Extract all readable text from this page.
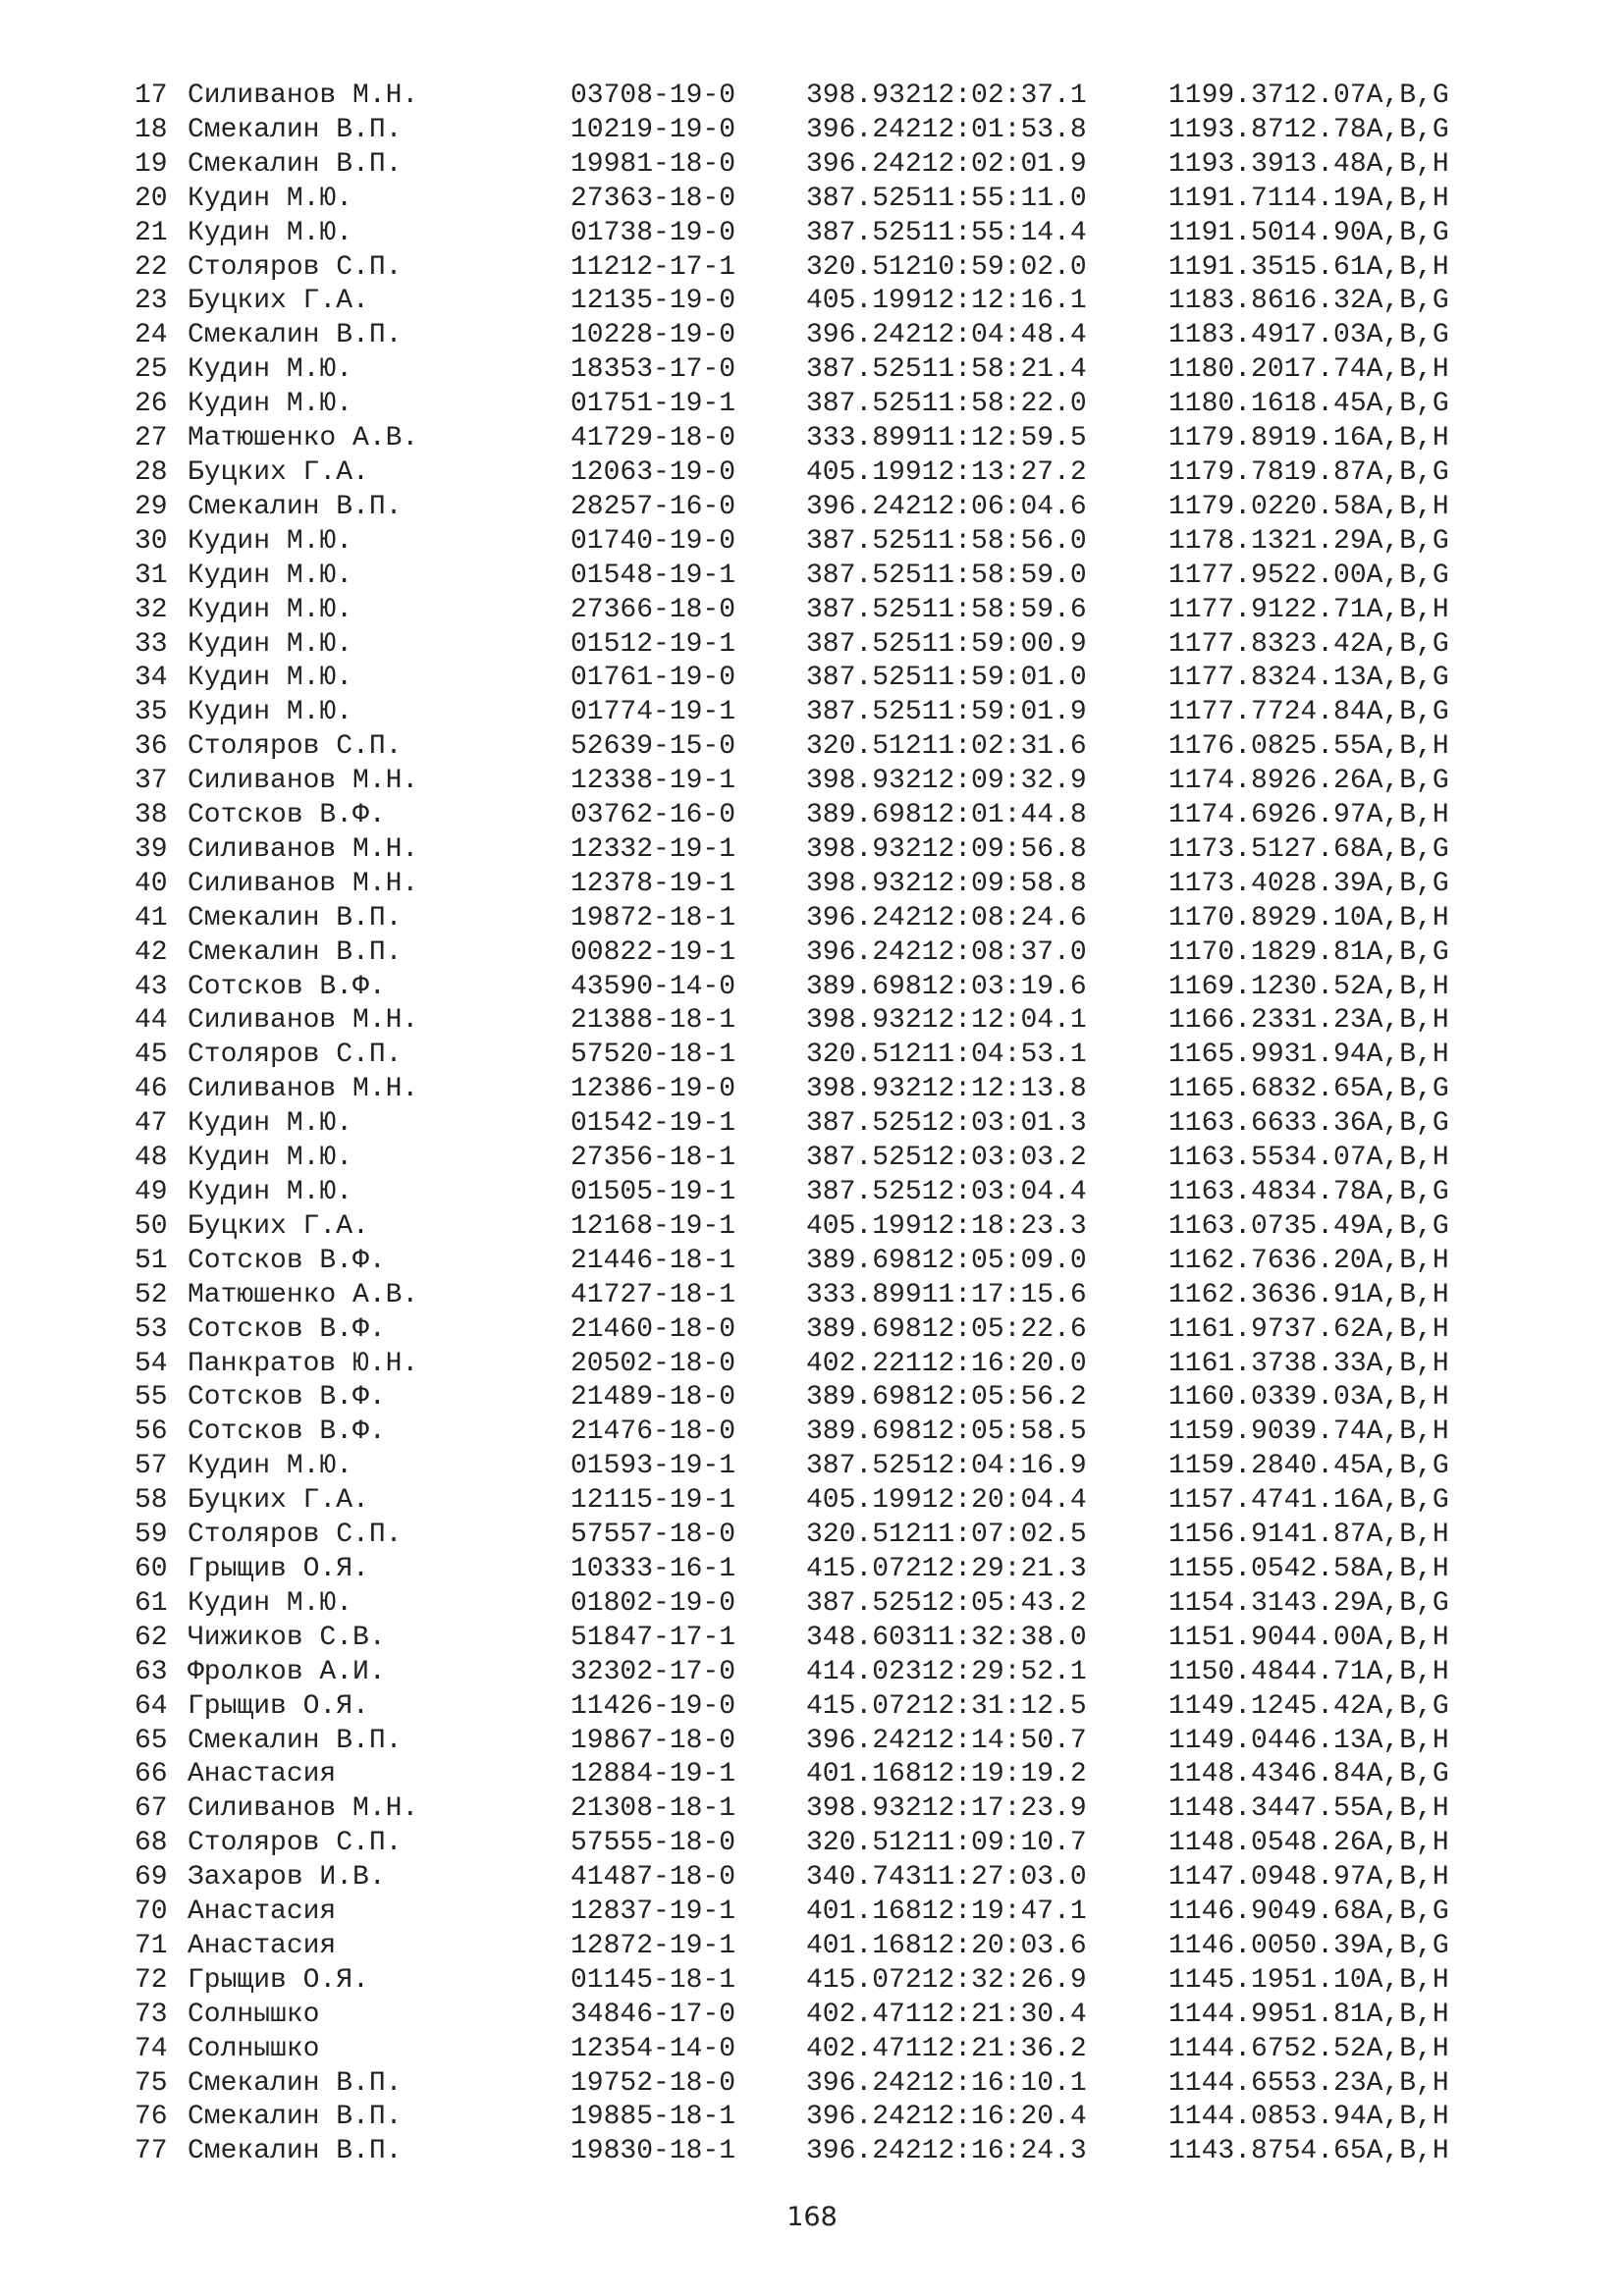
17	Силиванов М.Н.	03708-19-0	398.932	12:02:37.1	1199.37	12.07	A,B,G
18	Смекалин В.П.	10219-19-0	396.242	12:01:53.8	1193.87	12.78	A,B,G
19	Смекалин В.П.	19981-18-0	396.242	12:02:01.9	1193.39	13.48	A,B,H
20	Кудин М.Ю.	27363-18-0	387.525	11:55:11.0	1191.71	14.19	A,B,H
21	Кудин М.Ю.	01738-19-0	387.525	11:55:14.4	1191.50	14.90	A,B,G
22	Столяров С.П.	11212-17-1	320.512	10:59:02.0	1191.35	15.61	A,B,H
23	Буцких Г.А.	12135-19-0	405.199	12:12:16.1	1183.86	16.32	A,B,G
24	Смекалин В.П.	10228-19-0	396.242	12:04:48.4	1183.49	17.03	A,B,G
25	Кудин М.Ю.	18353-17-0	387.525	11:58:21.4	1180.20	17.74	A,B,H
26	Кудин М.Ю.	01751-19-1	387.525	11:58:22.0	1180.16	18.45	A,B,G
27	Матюшенко А.В.	41729-18-0	333.899	11:12:59.5	1179.89	19.16	A,B,H
28	Буцких Г.А.	12063-19-0	405.199	12:13:27.2	1179.78	19.87	A,B,G
29	Смекалин В.П.	28257-16-0	396.242	12:06:04.6	1179.02	20.58	A,B,H
30	Кудин М.Ю.	01740-19-0	387.525	11:58:56.0	1178.13	21.29	A,B,G
31	Кудин М.Ю.	01548-19-1	387.525	11:58:59.0	1177.95	22.00	A,B,G
32	Кудин М.Ю.	27366-18-0	387.525	11:58:59.6	1177.91	22.71	A,B,H
33	Кудин М.Ю.	01512-19-1	387.525	11:59:00.9	1177.83	23.42	A,B,G
34	Кудин М.Ю.	01761-19-0	387.525	11:59:01.0	1177.83	24.13	A,B,G
35	Кудин М.Ю.	01774-19-1	387.525	11:59:01.9	1177.77	24.84	A,B,G
36	Столяров С.П.	52639-15-0	320.512	11:02:31.6	1176.08	25.55	A,B,H
37	Силиванов М.Н.	12338-19-1	398.932	12:09:32.9	1174.89	26.26	A,B,G
38	Сотсков В.Ф.	03762-16-0	389.698	12:01:44.8	1174.69	26.97	A,B,H
39	Силиванов М.Н.	12332-19-1	398.932	12:09:56.8	1173.51	27.68	A,B,G
40	Силиванов М.Н.	12378-19-1	398.932	12:09:58.8	1173.40	28.39	A,B,G
41	Смекалин В.П.	19872-18-1	396.242	12:08:24.6	1170.89	29.10	A,B,H
42	Смекалин В.П.	00822-19-1	396.242	12:08:37.0	1170.18	29.81	A,B,G
43	Сотсков В.Ф.	43590-14-0	389.698	12:03:19.6	1169.12	30.52	A,B,H
44	Силиванов М.Н.	21388-18-1	398.932	12:12:04.1	1166.23	31.23	A,B,H
45	Столяров С.П.	57520-18-1	320.512	11:04:53.1	1165.99	31.94	A,B,H
46	Силиванов М.Н.	12386-19-0	398.932	12:12:13.8	1165.68	32.65	A,B,G
47	Кудин М.Ю.	01542-19-1	387.525	12:03:01.3	1163.66	33.36	A,B,G
48	Кудин М.Ю.	27356-18-1	387.525	12:03:03.2	1163.55	34.07	A,B,H
49	Кудин М.Ю.	01505-19-1	387.525	12:03:04.4	1163.48	34.78	A,B,G
50	Буцких Г.А.	12168-19-1	405.199	12:18:23.3	1163.07	35.49	A,B,G
51	Сотсков В.Ф.	21446-18-1	389.698	12:05:09.0	1162.76	36.20	A,B,H
52	Матюшенко А.В.	41727-18-1	333.899	11:17:15.6	1162.36	36.91	A,B,H
53	Сотсков В.Ф.	21460-18-0	389.698	12:05:22.6	1161.97	37.62	A,B,H
54	Панкратов Ю.Н.	20502-18-0	402.221	12:16:20.0	1161.37	38.33	A,B,H
55	Сотсков В.Ф.	21489-18-0	389.698	12:05:56.2	1160.03	39.03	A,B,H
56	Сотсков В.Ф.	21476-18-0	389.698	12:05:58.5	1159.90	39.74	A,B,H
57	Кудин М.Ю.	01593-19-1	387.525	12:04:16.9	1159.28	40.45	A,B,G
58	Буцких Г.А.	12115-19-1	405.199	12:20:04.4	1157.47	41.16	A,B,G
59	Столяров С.П.	57557-18-0	320.512	11:07:02.5	1156.91	41.87	A,B,H
60	Грыщив О.Я.	10333-16-1	415.072	12:29:21.3	1155.05	42.58	A,B,H
61	Кудин М.Ю.	01802-19-0	387.525	12:05:43.2	1154.31	43.29	A,B,G
62	Чижиков С.В.	51847-17-1	348.603	11:32:38.0	1151.90	44.00	A,B,H
63	Фролков А.И.	32302-17-0	414.023	12:29:52.1	1150.48	44.71	A,B,H
64	Грыщив О.Я.	11426-19-0	415.072	12:31:12.5	1149.12	45.42	A,B,G
65	Смекалин В.П.	19867-18-0	396.242	12:14:50.7	1149.04	46.13	A,B,H
66	Анастасия	12884-19-1	401.168	12:19:19.2	1148.43	46.84	A,B,G
67	Силиванов М.Н.	21308-18-1	398.932	12:17:23.9	1148.34	47.55	A,B,H
68	Столяров С.П.	57555-18-0	320.512	11:09:10.7	1148.05	48.26	A,B,H
69	Захаров И.В.	41487-18-0	340.743	11:27:03.0	1147.09	48.97	A,B,H
70	Анастасия	12837-19-1	401.168	12:19:47.1	1146.90	49.68	A,B,G
71	Анастасия	12872-19-1	401.168	12:20:03.6	1146.00	50.39	A,B,G
72	Грыщив О.Я.	01145-18-1	415.072	12:32:26.9	1145.19	51.10	A,B,H
73	Солнышко	34846-17-0	402.471	12:21:30.4	1144.99	51.81	A,B,H
74	Солнышко	12354-14-0	402.471	12:21:36.2	1144.67	52.52	A,B,H
75	Смекалин В.П.	19752-18-0	396.242	12:16:10.1	1144.65	53.23	A,B,H
76	Смекалин В.П.	19885-18-1	396.242	12:16:20.4	1144.08	53.94	A,B,H
77	Смекалин В.П.	19830-18-1	396.242	12:16:24.3	1143.87	54.65	A,B,H
168
